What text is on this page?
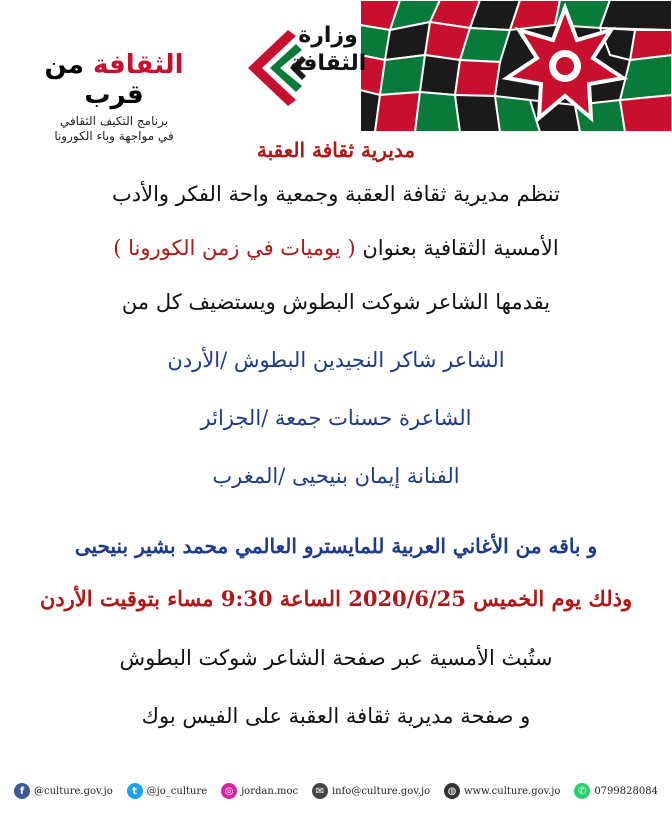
وزارة
الثقافة
الثقافة من قرب
برنامج التكيف الثقافي
في مواجهة وباء الكورونا
مديرية ثقافة العقبة
تنظم مديرية ثقافة العقبة وجمعية واحة الفكر والأدب
الأمسية الثقافية بعنوان ( يوميات في زمن الكورونا )
يقدمها الشاعر شوكت البطوش ويستضيف كل من
الشاعر شاكر النجيدين البطوش /الأردن
الشاعرة حسنات جمعة /الجزائر
الفنانة إيمان بنيحيى /المغرب
و باقه من الأغاني العربية للمايسترو العالمي محمد بشير بنيحيى
وذلك يوم الخميس 2020/6/25 الساعة 9:30 مساء بتوقيت الأردن
ستُبث الأمسية عبر صفحة الشاعر شوكت البطوش
و صفحة مديرية ثقافة العقبة على الفيس بوك
f @culture.gov.jo	t @jo_culture	◎ jordan.moc	✉ info@culture.gov.jo	◍ www.culture.gov.jo	✆ 0799828084
